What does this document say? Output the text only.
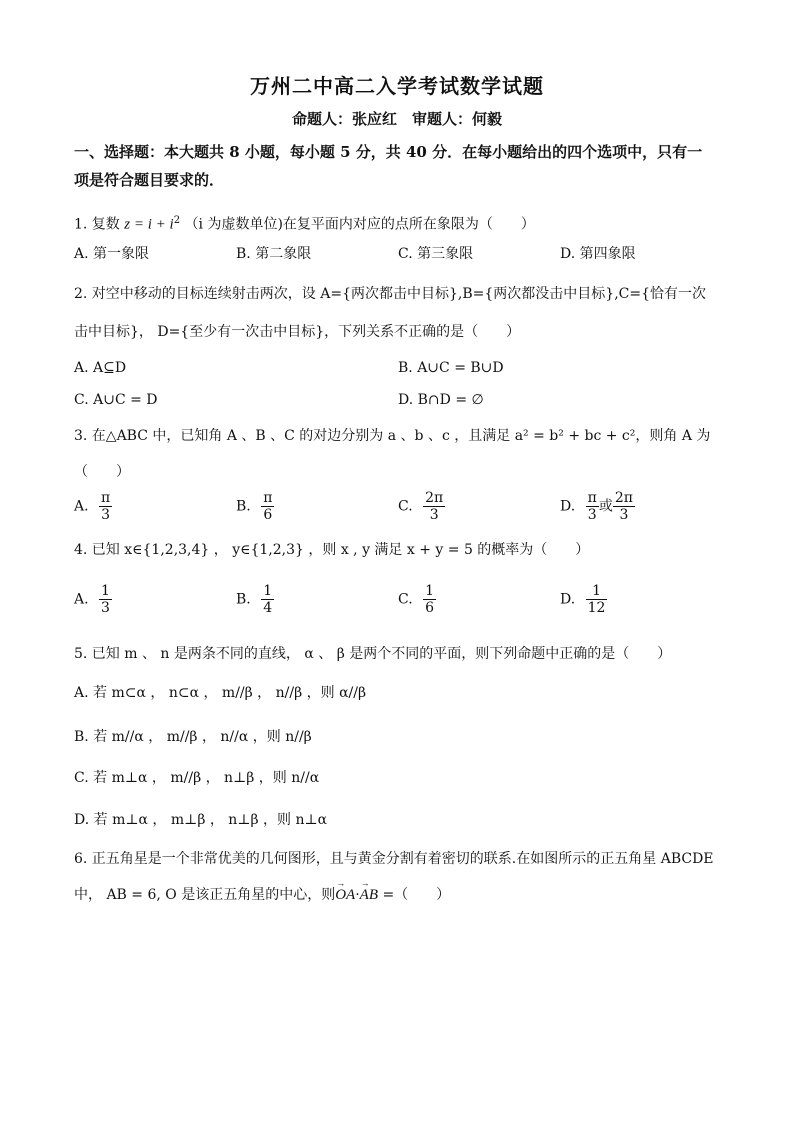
万州二中高二入学考试数学试题
命题人：张应红　审题人：何毅
一、选择题：本大题共 8 小题，每小题 5 分，共 40 分．在每小题给出的四个选项中，只有一
项是符合题目要求的．
1. 复数 $z = i + i^2$ （i 为虚数单位)在复平面内对应的点所在象限为（　　）
A. 第一象限	B. 第二象限	C. 第三象限	D. 第四象限
2. 对空中移动的目标连续射击两次，设 A={两次都击中目标},B={两次都没击中目标},C={恰有一次
击中目标}， D={至少有一次击中目标}，下列关系不正确的是（　　）
A. A⊆D	B. A∪C = B∪D
C. A∪C = D	D. B∩D = ∅
3. 在△ABC 中，已知角 A 、B 、C 的对边分别为 a 、b 、c ，且满足 a² = b² + bc + c²，则角 A 为
（　　）
A. $\frac{\pi}{3}$	B. $\frac{\pi}{6}$	C. $\frac{2\pi}{3}$	D. $\frac{\pi}{3}$ 或 $\frac{2\pi}{3}$
4. 已知 x∈{1,2,3,4} ， y∈{1,2,3} ，则 x , y 满足 x + y = 5 的概率为（　　）
A. $\frac{1}{3}$	B. $\frac{1}{4}$	C. $\frac{1}{6}$	D. $\frac{1}{12}$
5. 已知 m 、 n 是两条不同的直线， α 、 β 是两个不同的平面，则下列命题中正确的是（　　）
A. 若 m⊂α ， n⊂α ， m//β ， n//β ，则 α//β
B. 若 m//α ， m//β ， n//α ，则 n//β
C. 若 m⊥α ， m//β ， n⊥β ，则 n//α
D. 若 m⊥α ， m⊥β ， n⊥β ，则 n⊥α
6. 正五角星是一个非常优美的几何图形，且与黄金分割有着密切的联系.在如图所示的正五角星 ABCDE
中， AB = 6, O 是该正五角星的中心，则→ OA·→ AB =（　　）
